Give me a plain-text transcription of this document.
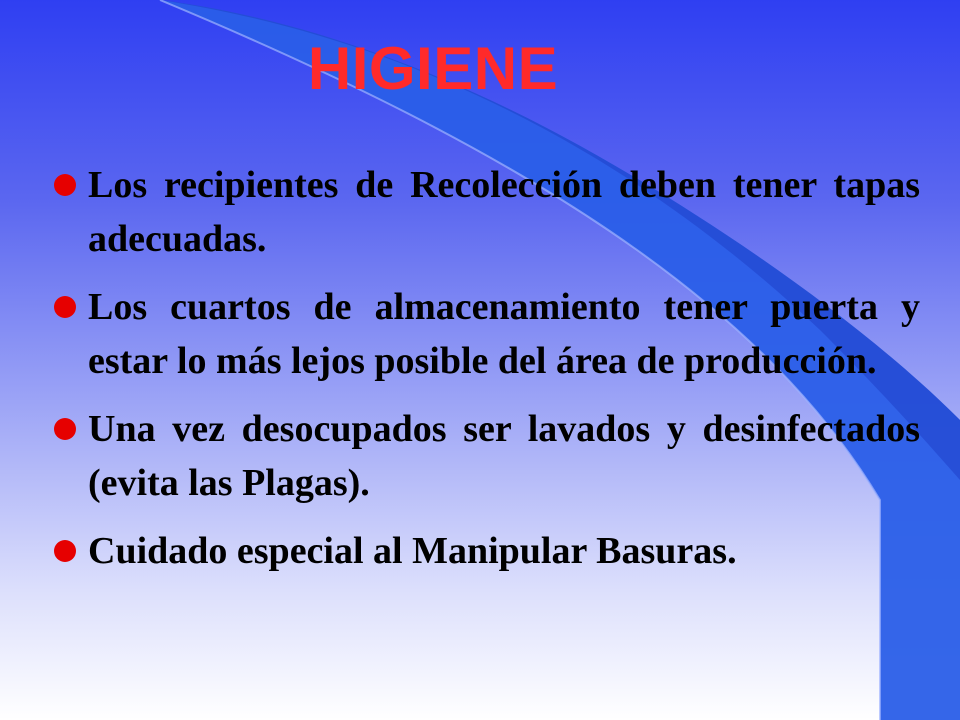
HIGIENE
Los recipientes de Recolección deben tener tapas adecuadas.
Los cuartos de almacenamiento tener puerta y estar lo más lejos posible del área de producción.
Una vez desocupados ser lavados y desinfectados (evita las Plagas).
Cuidado especial al Manipular Basuras.
